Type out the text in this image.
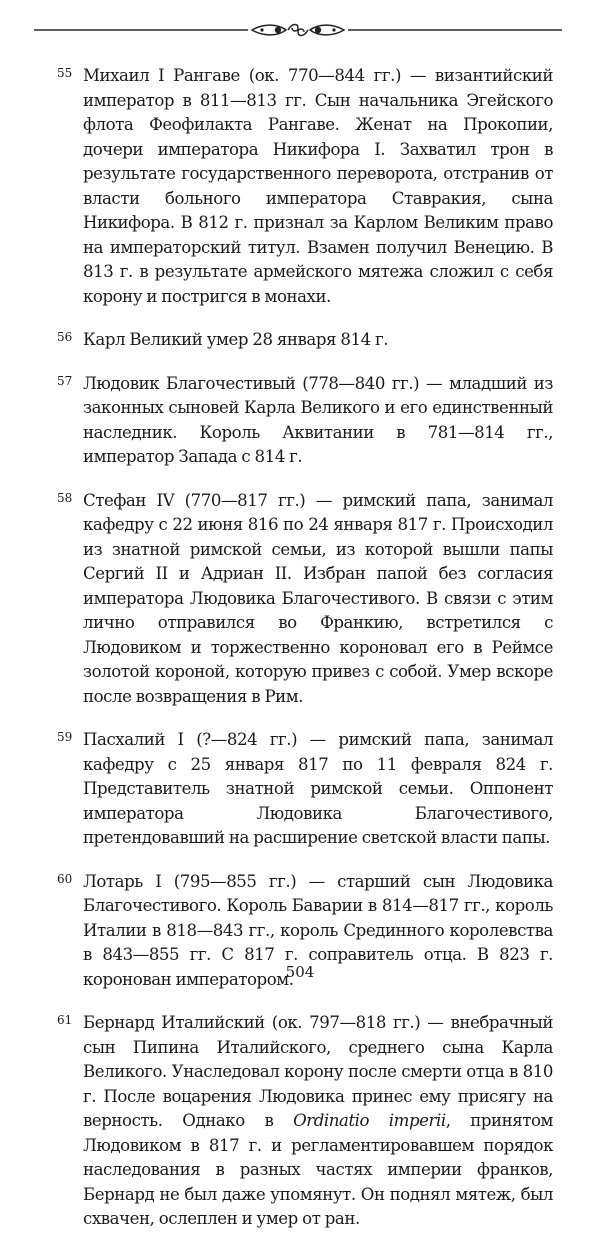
55 Михаил I Рангаве (ок. 770—844 гг.) — византийский император в 811—813 гг. Сын начальника Эгейского флота Феофилакта Рангаве. Женат на Прокопии, дочери императора Никифора I. Захватил трон в результате государственного переворота, отстранив от власти больного императора Ставракия, сына Никифора. В 812 г. признал за Карлом Великим право на императорский титул. Взамен получил Венецию. В 813 г. в результате армейского мятежа сложил с себя корону и постригся в монахи.
56 Карл Великий умер 28 января 814 г.
57 Людовик Благочестивый (778—840 гг.) — младший из законных сыновей Карла Великого и его единственный наследник. Король Аквитании в 781—814 гг., император Запада с 814 г.
58 Стефан IV (770—817 гг.) — римский папа, занимал кафедру с 22 июня 816 по 24 января 817 г. Происходил из знатной римской семьи, из которой вышли папы Сергий II и Адриан II. Избран папой без согласия императора Людовика Благочестивого. В связи с этим лично отправился во Франкию, встретился с Людовиком и торжественно короновал его в Реймсе золотой короной, которую привез с собой. Умер вскоре после возвращения в Рим.
59 Пасхалий I (?—824 гг.) — римский папа, занимал кафедру с 25 января 817 по 11 февраля 824 г. Представитель знатной римской семьи. Оппонент императора Людовика Благочестивого, претендовавший на расширение светской власти папы.
60 Лотарь I (795—855 гг.) — старший сын Людовика Благочестивого. Король Баварии в 814—817 гг., король Италии в 818—843 гг., король Срединного королевства в 843—855 гг. С 817 г. соправитель отца. В 823 г. коронован императором.
61 Бернард Италийский (ок. 797—818 гг.) — внебрачный сын Пипина Италийского, среднего сына Карла Великого. Унаследовал корону после смерти отца в 810 г. После воцарения Людовика принес ему присягу на верность. Однако в Ordinatio imperii, принятом Людовиком в 817 г. и регламентировавшем порядок наследования в разных частях империи франков, Бернард не был даже упомянут. Он поднял мятеж, был схвачен, ослеплен и умер от ран.
504
